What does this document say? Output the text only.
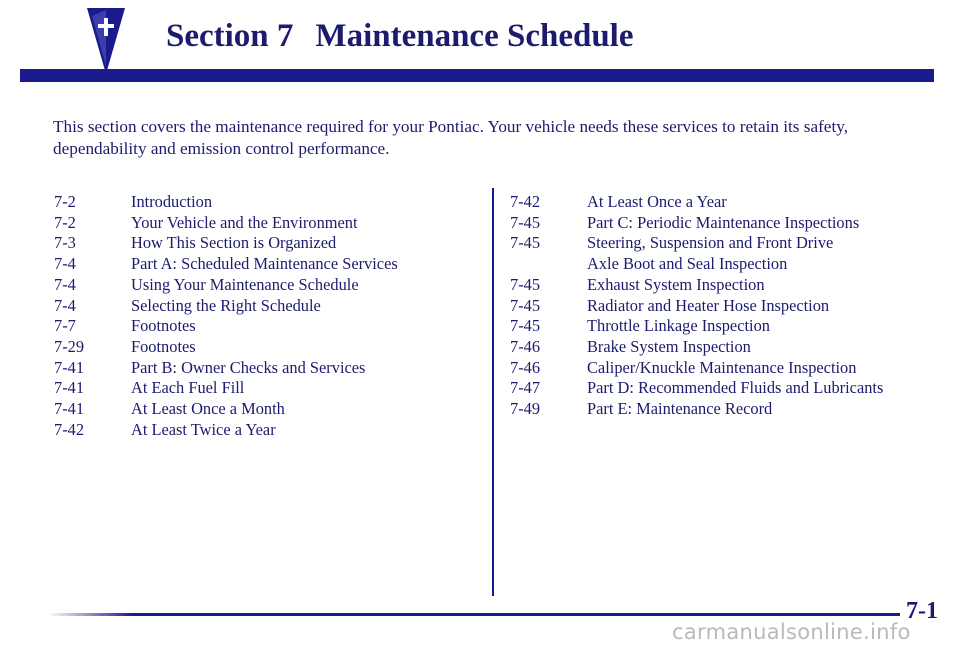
Section 7 Maintenance Schedule

This section covers the maintenance required for your Pontiac. Your vehicle needs these services to retain its safety, dependability and emission control performance.

7-2	Introduction
7-2	Your Vehicle and the Environment
7-3	How This Section is Organized
7-4	Part A: Scheduled Maintenance Services
7-4	Using Your Maintenance Schedule
7-4	Selecting the Right Schedule
7-7	Footnotes
7-29	Footnotes
7-41	Part B: Owner Checks and Services
7-41	At Each Fuel Fill
7-41	At Least Once a Month
7-42	At Least Twice a Year
7-42	At Least Once a Year
7-45	Part C: Periodic Maintenance Inspections
7-45	Steering, Suspension and Front Drive
Axle Boot and Seal Inspection
7-45	Exhaust System Inspection
7-45	Radiator and Heater Hose Inspection
7-45	Throttle Linkage Inspection
7-46	Brake System Inspection
7-46	Caliper/Knuckle Maintenance Inspection
7-47	Part D: Recommended Fluids and Lubricants
7-49	Part E: Maintenance Record
7-1
carmanualsonline.info
